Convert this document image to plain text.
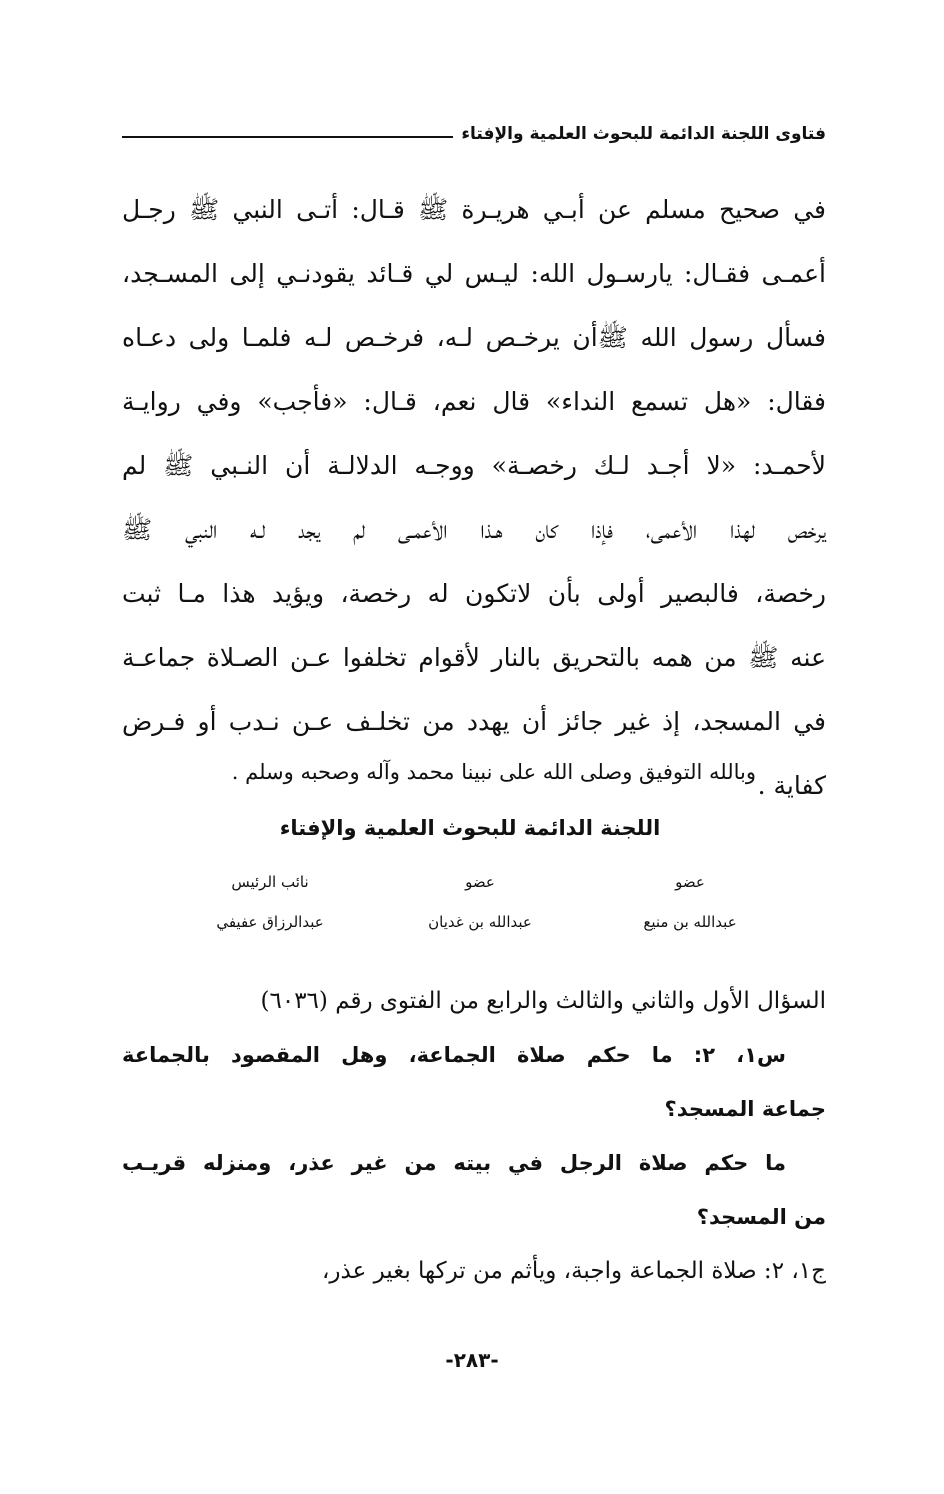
فتاوى اللجنة الدائمة للبحوث العلمية والإفتاء
في صحيح مسلم عن أبـي هريـرة ﷺ قـال: أتـى النبي ﷺ رجـل
أعمـى فقـال: يارسـول الله: ليـس لي قـائد يقودنـي إلى المسـجد،
فسأل رسول الله ﷺأن يرخـص لـه، فرخـص لـه فلمـا ولى دعـاه
فقال: «هل تسمع النداء» قال نعم، قـال: «فأجب» وفي روايـة
لأحمـد: «لا أجـد لـك رخصـة» ووجـه الدلالـة أن النـبي ﷺ لم
يرخص لهذا الأعمى، فإذا كان هـذا الأعمـى لم يجد لـه النبي ﷺ
رخصة، فالبصير أولى بأن لاتكون له رخصة، ويؤيد هذا مـا ثبت
عنه ﷺ من همه بالتحريق بالنار لأقوام تخلفوا عـن الصـلاة جماعـة
في المسجد، إذ غير جائز أن يهدد من تخلـف عـن نـدب أو فـرض
كفاية .
وبالله التوفيق وصلى الله على نبينا محمد وآله وصحبه وسلم .
اللجنة الدائمة للبحوث العلمية والإفتاء
عضو
عبدالله بن منيع
عضو
عبدالله بن غديان
نائب الرئيس
عبدالرزاق عفيفي
السؤال الأول والثاني والثالث والرابع من الفتوى رقم (٦٠٣٦)
س١، ٢: ما حكم صلاة الجماعة، وهل المقصود بالجماعة
جماعة المسجد؟
ما حكم صلاة الرجل في بيته من غير عذر، ومنزله قريـب
من المسجد؟
ج١، ٢: صلاة الجماعة واجبة، ويأثم من تركها بغير عذر،
-٢٨٣-
